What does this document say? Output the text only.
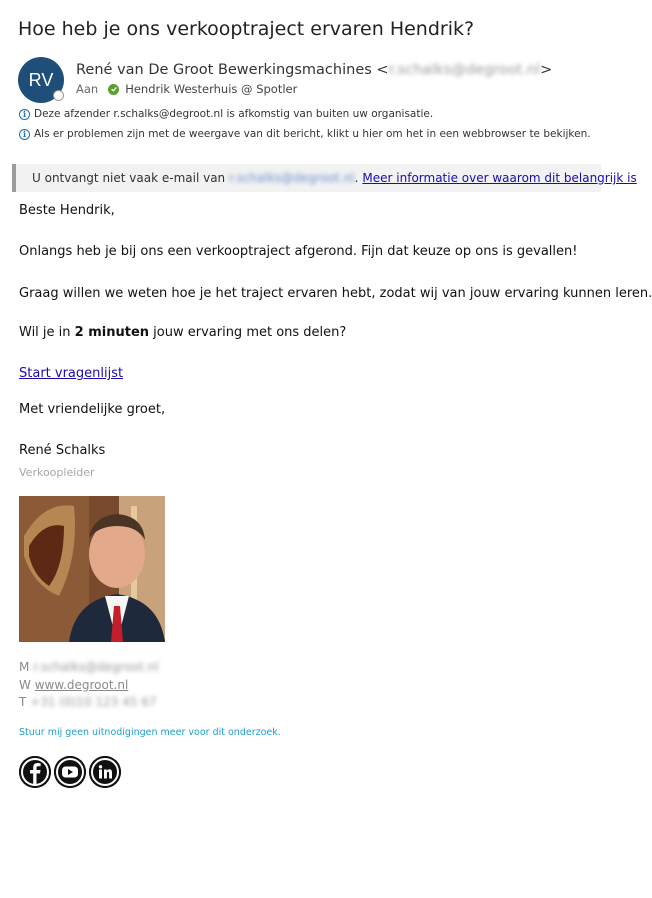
Hoe heb je ons verkooptraject ervaren Hendrik?
RV René van De Groot Bewerkingsmachines <r.schalks@degroot.nl>
Aan Hendrik Westerhuis @ Spotler
i Deze afzender r.schalks@degroot.nl is afkomstig van buiten uw organisatie.
i Als er problemen zijn met de weergave van dit bericht, klikt u hier om het in een webbrowser te bekijken.
U ontvangt niet vaak e-mail van r.schalks@degroot.nl . Meer informatie over waarom dit belangrijk is
Beste Hendrik,
Onlangs heb je bij ons een verkooptraject afgerond. Fijn dat keuze op ons is gevallen!
Graag willen we weten hoe je het traject ervaren hebt, zodat wij van jouw ervaring kunnen leren.
Wil je in 2 minuten jouw ervaring met ons delen?
Start vragenlijst
Met vriendelijke groet,
René Schalks
Verkoopleider
M r.schalks@degroot.nl
W www.degroot.nl
T +31 (0)10 123 45 67
Stuur mij geen uitnodigingen meer voor dit onderzoek.
